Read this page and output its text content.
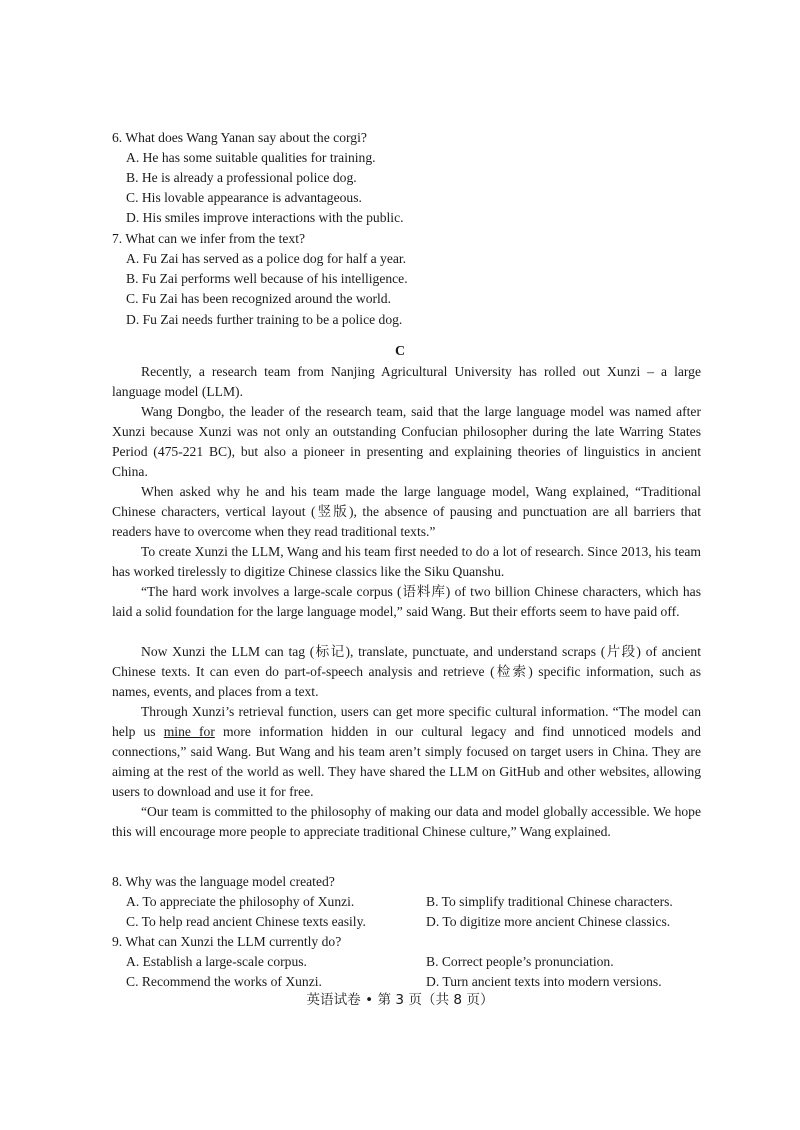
6. What does Wang Yanan say about the corgi?
A. He has some suitable qualities for training.
B. He is already a professional police dog.
C. His lovable appearance is advantageous.
D. His smiles improve interactions with the public.
7. What can we infer from the text?
A. Fu Zai has served as a police dog for half a year.
B. Fu Zai performs well because of his intelligence.
C. Fu Zai has been recognized around the world.
D. Fu Zai needs further training to be a police dog.
C
Recently, a research team from Nanjing Agricultural University has rolled out Xunzi – a large language model (LLM).
Wang Dongbo, the leader of the research team, said that the large language model was named after Xunzi because Xunzi was not only an outstanding Confucian philosopher during the late Warring States Period (475-221 BC), but also a pioneer in presenting and explaining theories of linguistics in ancient China.
When asked why he and his team made the large language model, Wang explained, “Traditional Chinese characters, vertical layout (竖版), the absence of pausing and punctuation are all barriers that readers have to overcome when they read traditional texts.”
To create Xunzi the LLM, Wang and his team first needed to do a lot of research. Since 2013, his team has worked tirelessly to digitize Chinese classics like the Siku Quanshu.
“The hard work involves a large-scale corpus (语料库) of two billion Chinese characters, which has laid a solid foundation for the large language model,” said Wang. But their efforts seem to have paid off.
Now Xunzi the LLM can tag (标记), translate, punctuate, and understand scraps (片段) of ancient Chinese texts. It can even do part-of-speech analysis and retrieve (检索) specific information, such as names, events, and places from a text.
Through Xunzi’s retrieval function, users can get more specific cultural information. “The model can help us mine for more information hidden in our cultural legacy and find unnoticed models and connections,” said Wang. But Wang and his team aren’t simply focused on target users in China. They are aiming at the rest of the world as well. They have shared the LLM on GitHub and other websites, allowing users to download and use it for free.
“Our team is committed to the philosophy of making our data and model globally accessible. We hope this will encourage more people to appreciate traditional Chinese culture,” Wang explained.
8. Why was the language model created?
A. To appreciate the philosophy of Xunzi.	B. To simplify traditional Chinese characters.
C. To help read ancient Chinese texts easily.	D. To digitize more ancient Chinese classics.
9. What can Xunzi the LLM currently do?
A. Establish a large-scale corpus.	B. Correct people’s pronunciation.
C. Recommend the works of Xunzi.	D. Turn ancient texts into modern versions.
英语试卷 • 第 3 页（共 8 页）
